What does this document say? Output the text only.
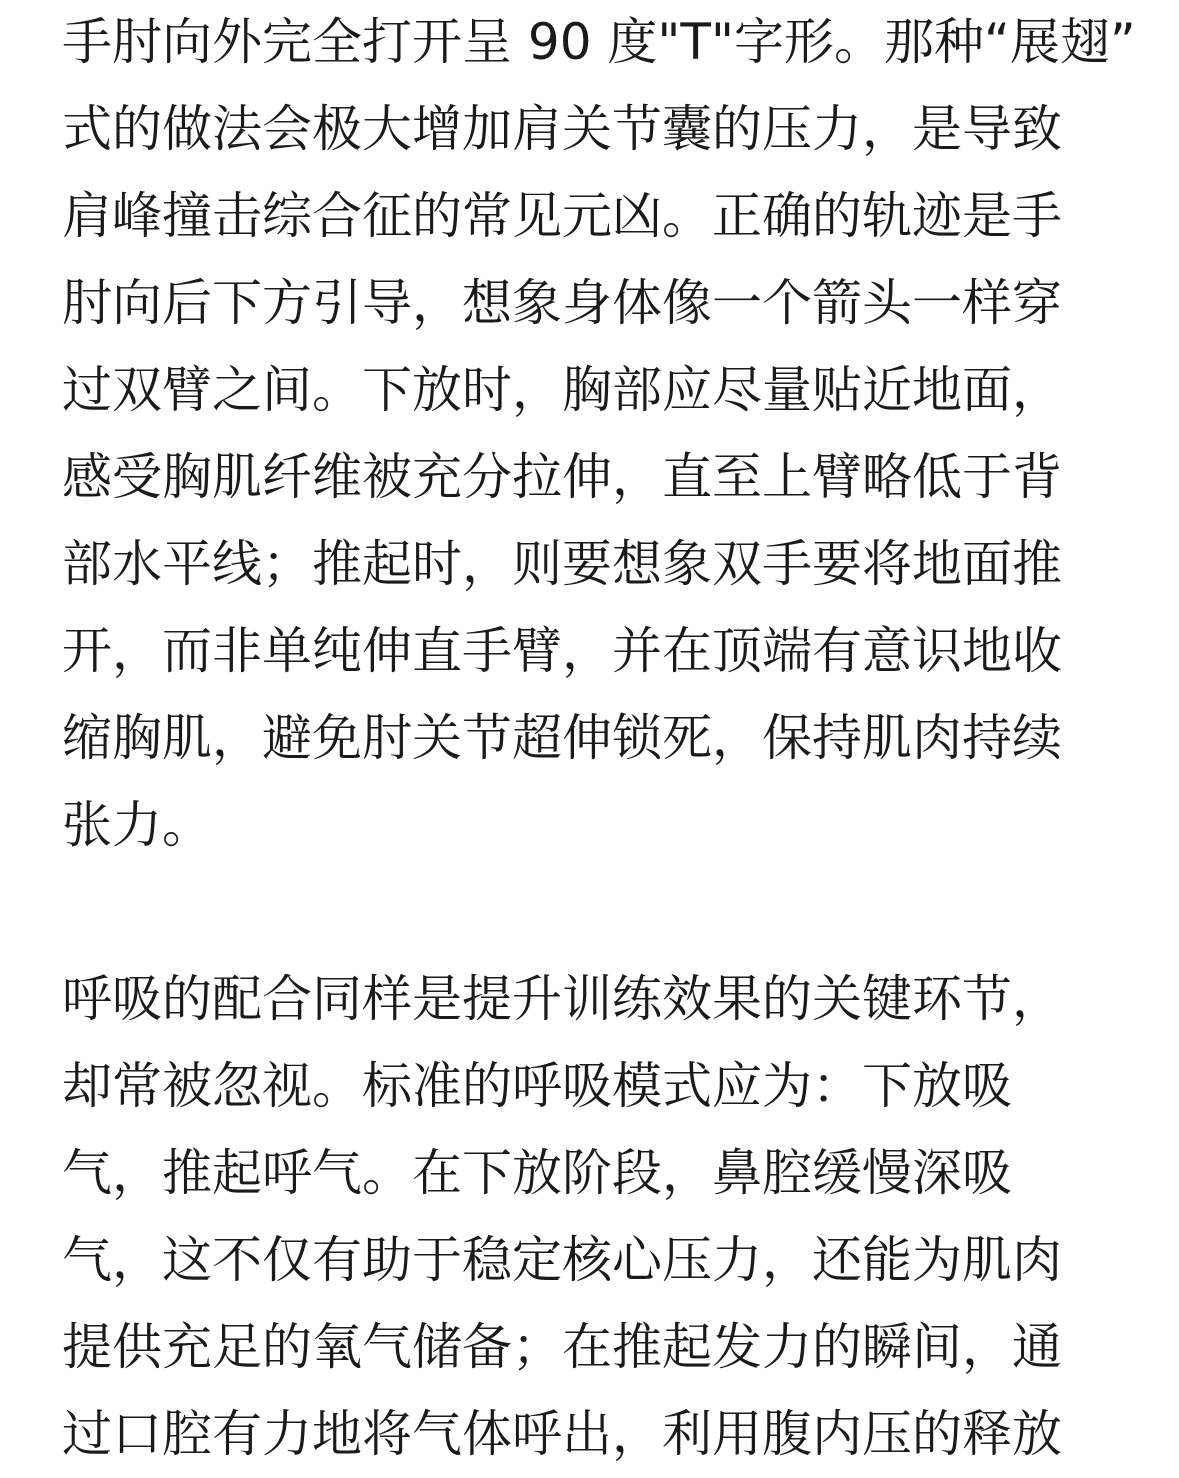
手肘向外完全打开呈 90 度"T"字形。那种“展翅”
式的做法会极大增加肩关节囊的压力，是导致
肩峰撞击综合征的常见元凶。正确的轨迹是手
肘向后下方引导，想象身体像一个箭头一样穿
过双臂之间。下放时，胸部应尽量贴近地面，
感受胸肌纤维被充分拉伸，直至上臂略低于背
部水平线；推起时，则要想象双手要将地面推
开，而非单纯伸直手臂，并在顶端有意识地收
缩胸肌，避免肘关节超伸锁死，保持肌肉持续
张力。
呼吸的配合同样是提升训练效果的关键环节，
却常被忽视。标准的呼吸模式应为：下放吸
气，推起呼气。在下放阶段，鼻腔缓慢深吸
气，这不仅有助于稳定核心压力，还能为肌肉
提供充足的氧气储备；在推起发力的瞬间，通
过口腔有力地将气体呼出，利用腹内压的释放
